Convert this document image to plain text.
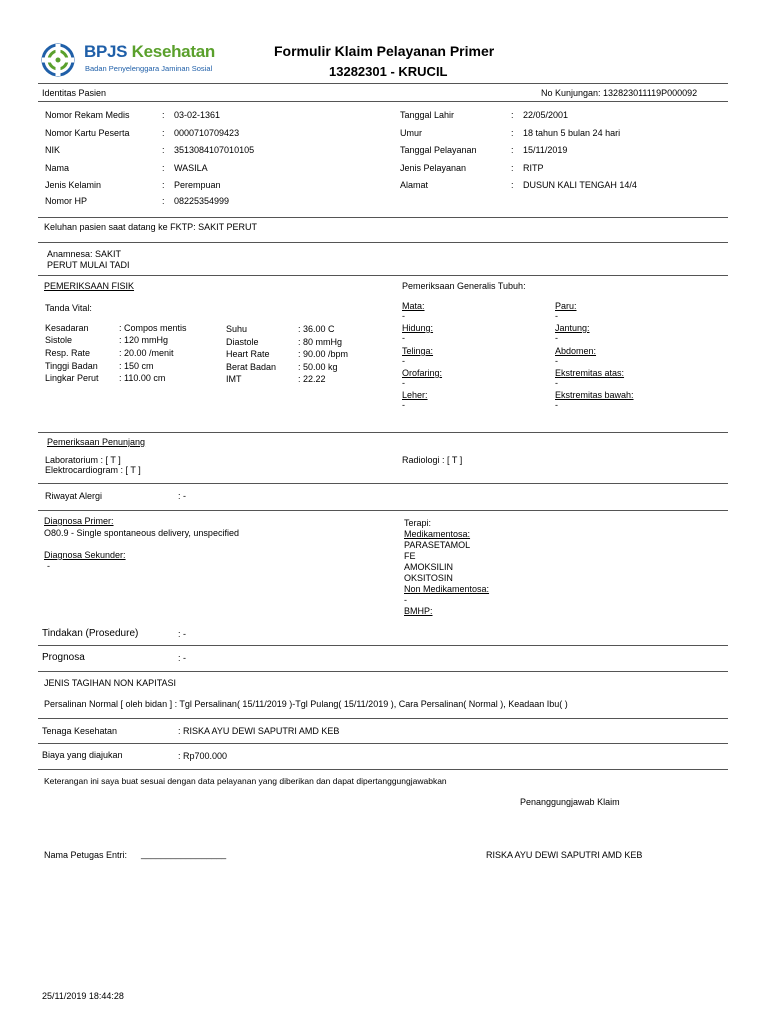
BPJS Kesehatan
Badan Penyelenggara Jaminan Sosial
Formulir Klaim Pelayanan Primer
13282301 - KRUCIL
Identitas Pasien	No Kunjungan: 132823011119P000092
Nomor Rekam Medis	: 03-02-1361
Nomor Kartu Peserta	: 0000710709423
NIK	: 3513084107010105
Nama	: WASILA
Jenis Kelamin	: Perempuan
Nomor HP	: 08225354999
Tanggal Lahir	: 22/05/2001
Umur	: 18 tahun 5 bulan 24 hari
Tanggal Pelayanan	: 15/11/2019
Jenis Pelayanan	: RITP
Alamat	: DUSUN KALI TENGAH 14/4
Keluhan pasien saat datang ke FKTP: SAKIT PERUT
Anamnesa: SAKIT
PERUT MULAI TADI
PEMERIKSAAN FISIK	Pemeriksaan Generalis Tubuh:
Tanda Vital:
Kesadaran	: Compos mentis
Sistole	: 120 mmHg
Resp. Rate	: 20.00 /menit
Tinggi Badan : 150 cm
Lingkar Perut : 110.00 cm
Suhu	: 36.00 C
Diastole	: 80 mmHg
Heart Rate	: 90.00 /bpm
Berat Badan : 50.00 kg
IMT	: 22.22
Mata:
-
Hidung:
-
Telinga:
-
Orofaring:
-
Leher:
-
Paru:
-
Jantung:
-
Abdomen:
-
Ekstremitas atas:
-
Ekstremitas bawah:
-
Pemeriksaan Penunjang
Laboratorium : [ T ]
Elektrocardiogram : [ T ]
Radiologi : [ T ]
Riwayat Alergi	: -
Diagnosa Primer:
O80.9 - Single spontaneous delivery, unspecified
Diagnosa Sekunder:
-
Terapi:
Medikamentosa:
PARASETAMOL
FE
AMOKSILIN
OKSITOSIN
Non Medikamentosa:
-
BMHP:
Tindakan (Prosedure)	: -
Prognosa	: -
JENIS TAGIHAN NON KAPITASI
Persalinan Normal [ oleh bidan ] : Tgl Persalinan( 15/11/2019 )-Tgl Pulang( 15/11/2019 ), Cara Persalinan( Normal ), Keadaan Ibu( )
Tenaga Kesehatan	: RISKA AYU DEWI SAPUTRI AMD KEB
Biaya yang diajukan	: Rp700.000
Keterangan ini saya buat sesuai dengan data pelayanan yang diberikan dan dapat dipertanggungjawabkan
Penanggungjawab Klaim
Nama Petugas Entri: _________________	RISKA AYU DEWI SAPUTRI AMD KEB
25/11/2019 18:44:28
